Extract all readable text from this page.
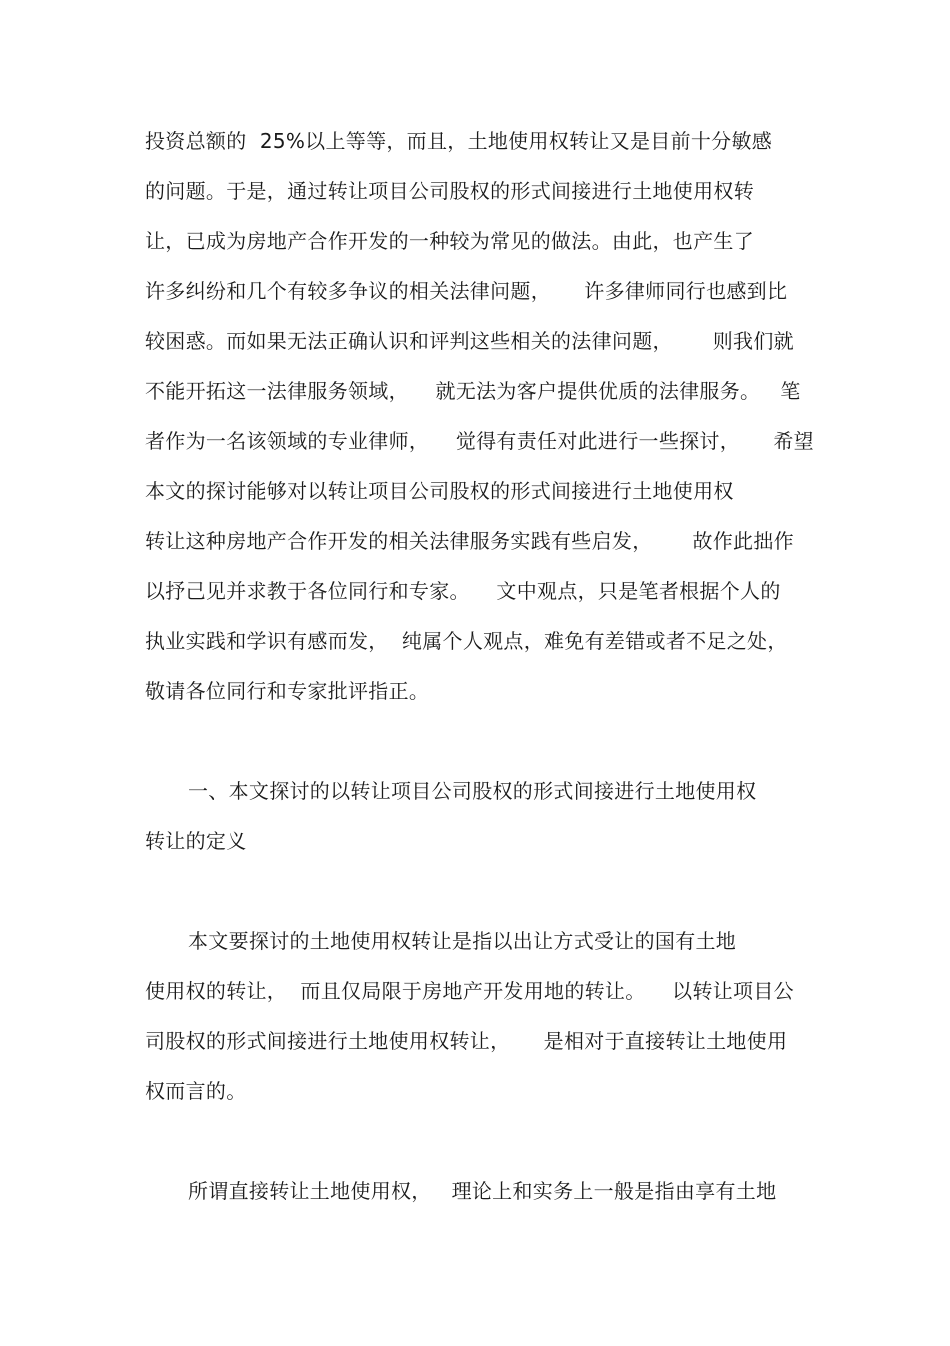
投资总额的  25%以上等等，而且，土地使用权转让又是目前十分敏感
的问题。于是，通过转让项目公司股权的形式间接进行土地使用权转
让，已成为房地产合作开发的一种较为常见的做法。由此，也产生了
许多纠纷和几个有较多争议的相关法律问题，     许多律师同行也感到比
较困惑。而如果无法正确认识和评判这些相关的法律问题，      则我们就
不能开拓这一法律服务领域，    就无法为客户提供优质的法律服务。   笔
者作为一名该领域的专业律师，    觉得有责任对此进行一些探讨，     希望
本文的探讨能够对以转让项目公司股权的形式间接进行土地使用权
转让这种房地产合作开发的相关法律服务实践有些启发，      故作此拙作
以抒己见并求教于各位同行和专家。    文中观点，只是笔者根据个人的
执业实践和学识有感而发，  纯属个人观点，难免有差错或者不足之处，
敬请各位同行和专家批评指正。
一、本文探讨的以转让项目公司股权的形式间接进行土地使用权
转让的定义
本文要探讨的土地使用权转让是指以出让方式受让的国有土地
使用权的转让，  而且仅局限于房地产开发用地的转让。    以转让项目公
司股权的形式间接进行土地使用权转让，     是相对于直接转让土地使用
权而言的。
所谓直接转让土地使用权，   理论上和实务上一般是指由享有土地
